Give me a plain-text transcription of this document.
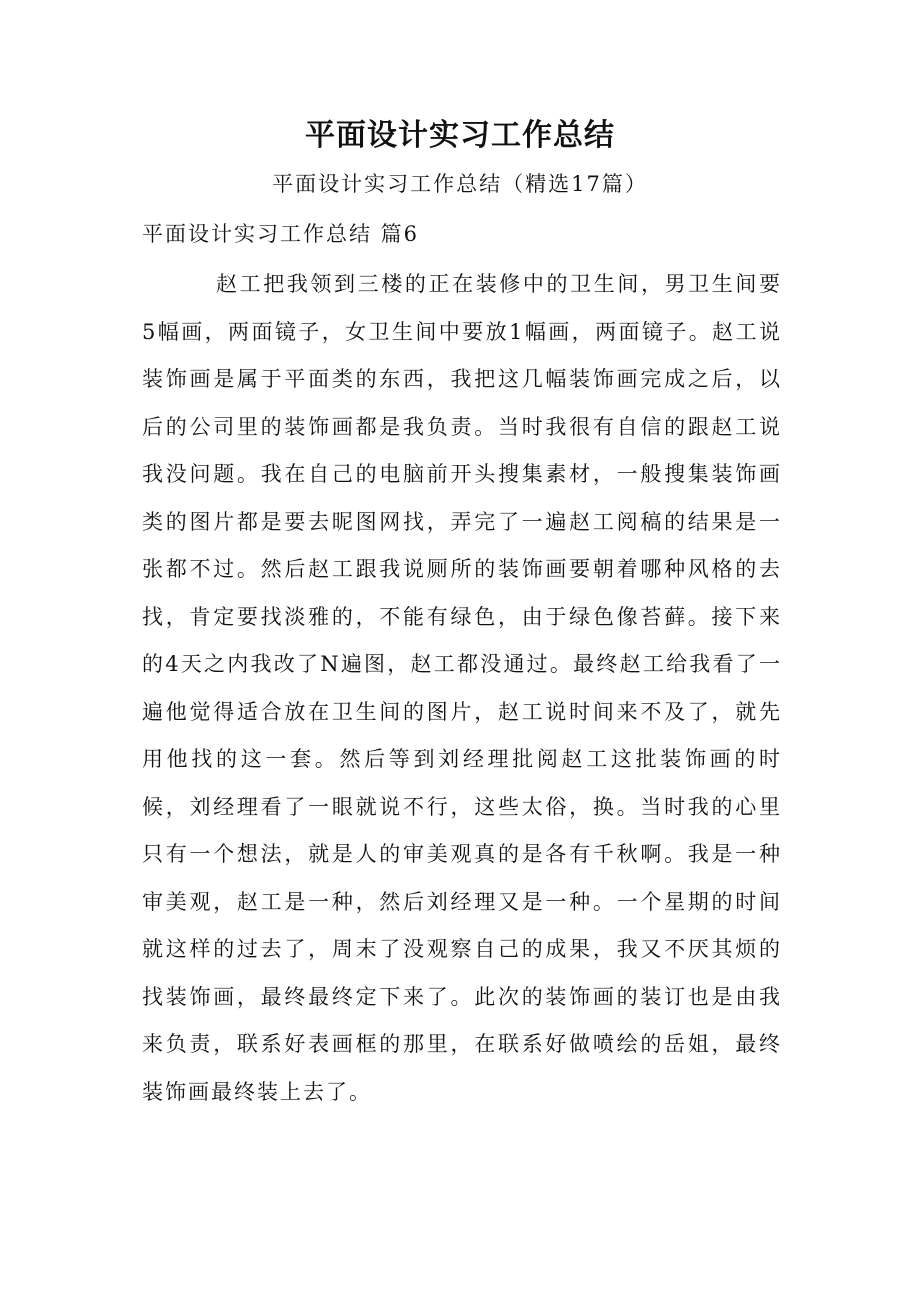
平面设计实习工作总结

平面设计实习工作总结（精选17篇）

平面设计实习工作总结 篇6

赵工把我领到三楼的正在装修中的卫生间，男卫生间要5幅画，两面镜子，女卫生间中要放1幅画，两面镜子。赵工说装饰画是属于平面类的东西，我把这几幅装饰画完成之后，以后的公司里的装饰画都是我负责。当时我很有自信的跟赵工说我没问题。我在自己的电脑前开头搜集素材，一般搜集装饰画类的图片都是要去昵图网找，弄完了一遍赵工阅稿的结果是一张都不过。然后赵工跟我说厕所的装饰画要朝着哪种风格的去找，肯定要找淡雅的，不能有绿色，由于绿色像苔藓。接下来的4天之内我改了N遍图，赵工都没通过。最终赵工给我看了一遍他觉得适合放在卫生间的图片，赵工说时间来不及了，就先用他找的这一套。然后等到刘经理批阅赵工这批装饰画的时候，刘经理看了一眼就说不行，这些太俗，换。当时我的心里只有一个想法，就是人的审美观真的是各有千秋啊。我是一种审美观，赵工是一种，然后刘经理又是一种。一个星期的时间就这样的过去了，周末了没观察自己的成果，我又不厌其烦的找装饰画，最终最终定下来了。此次的装饰画的装订也是由我来负责，联系好表画框的那里，在联系好做喷绘的岳姐，最终装饰画最终装上去了。
